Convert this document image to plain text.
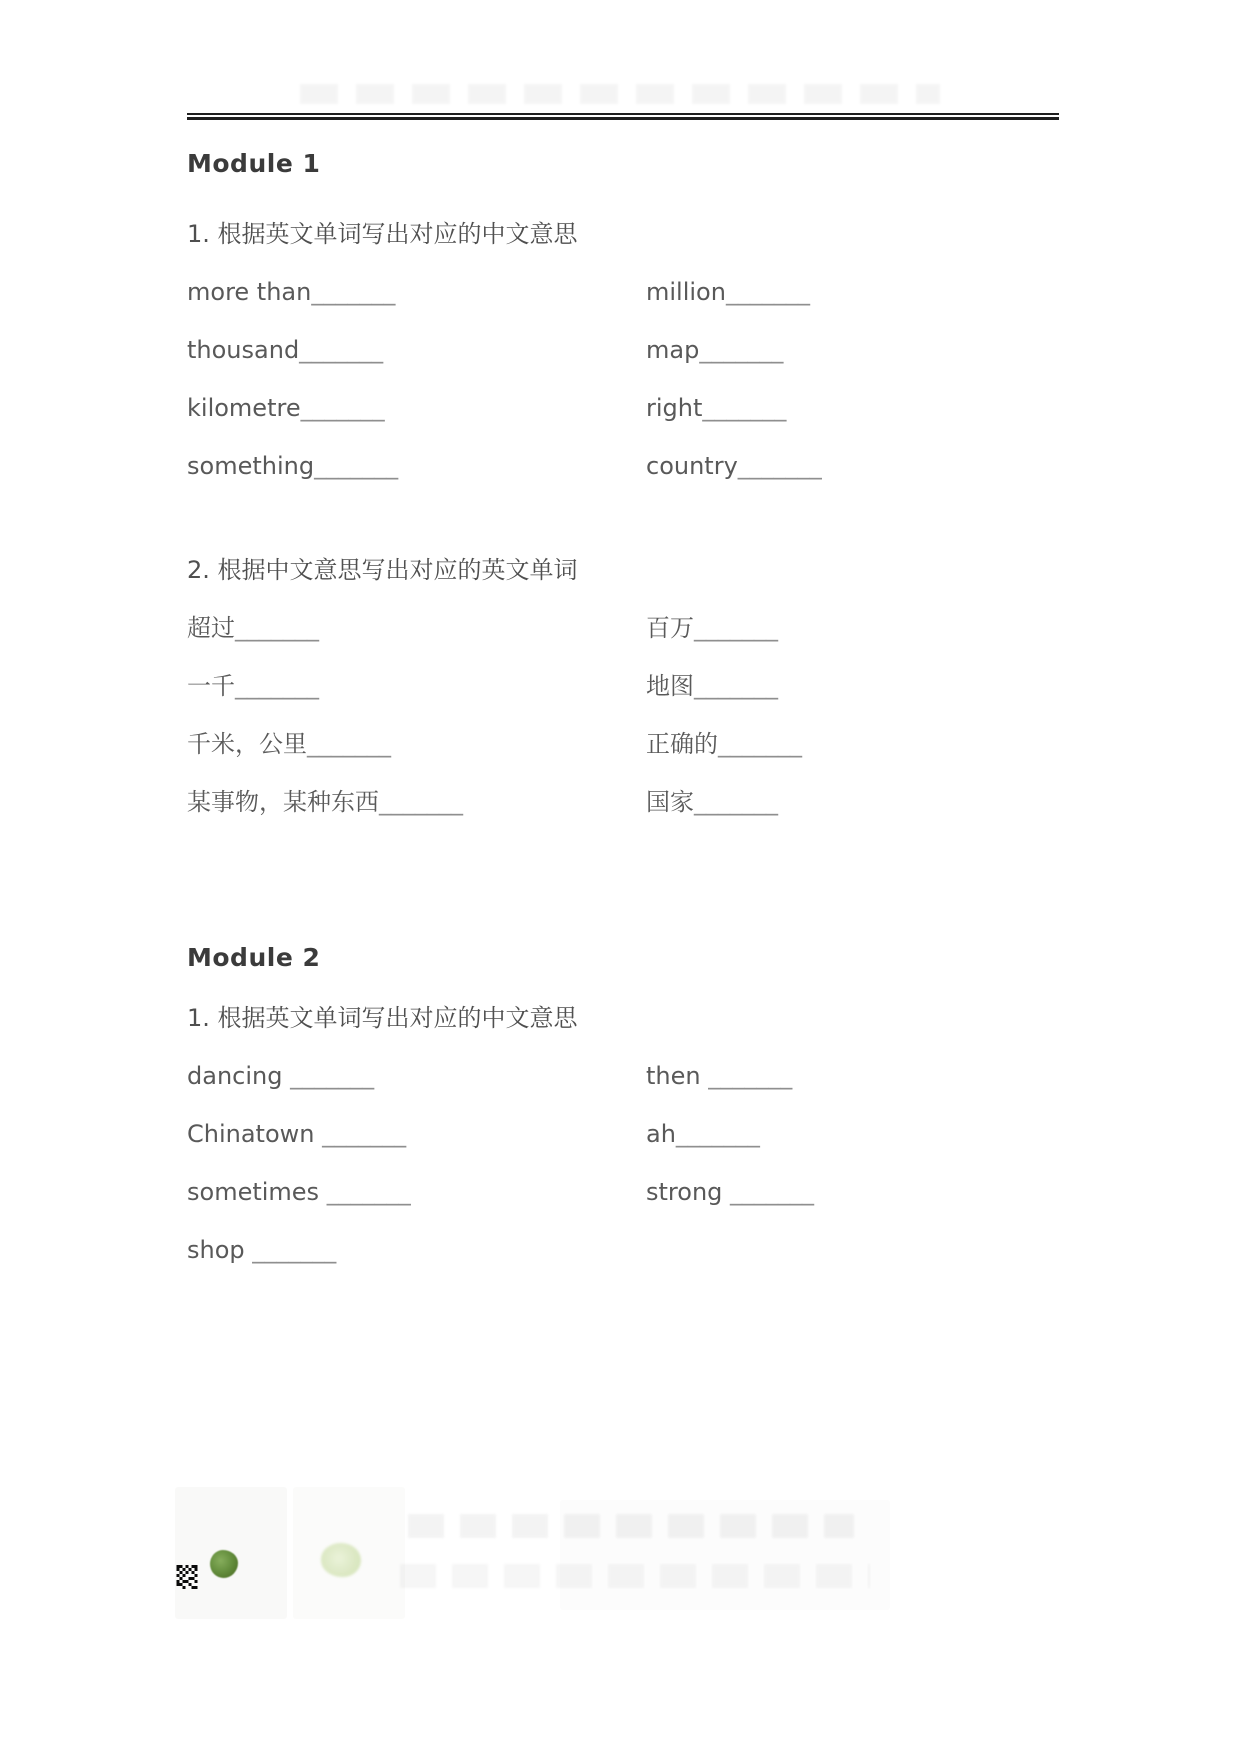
Module 1
1. 根据英文单词写出对应的中文意思
more than_______	million_______
thousand_______	map_______
kilometre_______	right_______
something_______	country_______
2. 根据中文意思写出对应的英文单词
超过_______	百万_______
一千_______	地图_______
千米，公里_______	正确的_______
某事物，某种东西_______	国家_______
Module 2
1. 根据英文单词写出对应的中文意思
dancing _______	then _______
Chinatown _______	ah_______
sometimes _______	strong _______
shop _______
